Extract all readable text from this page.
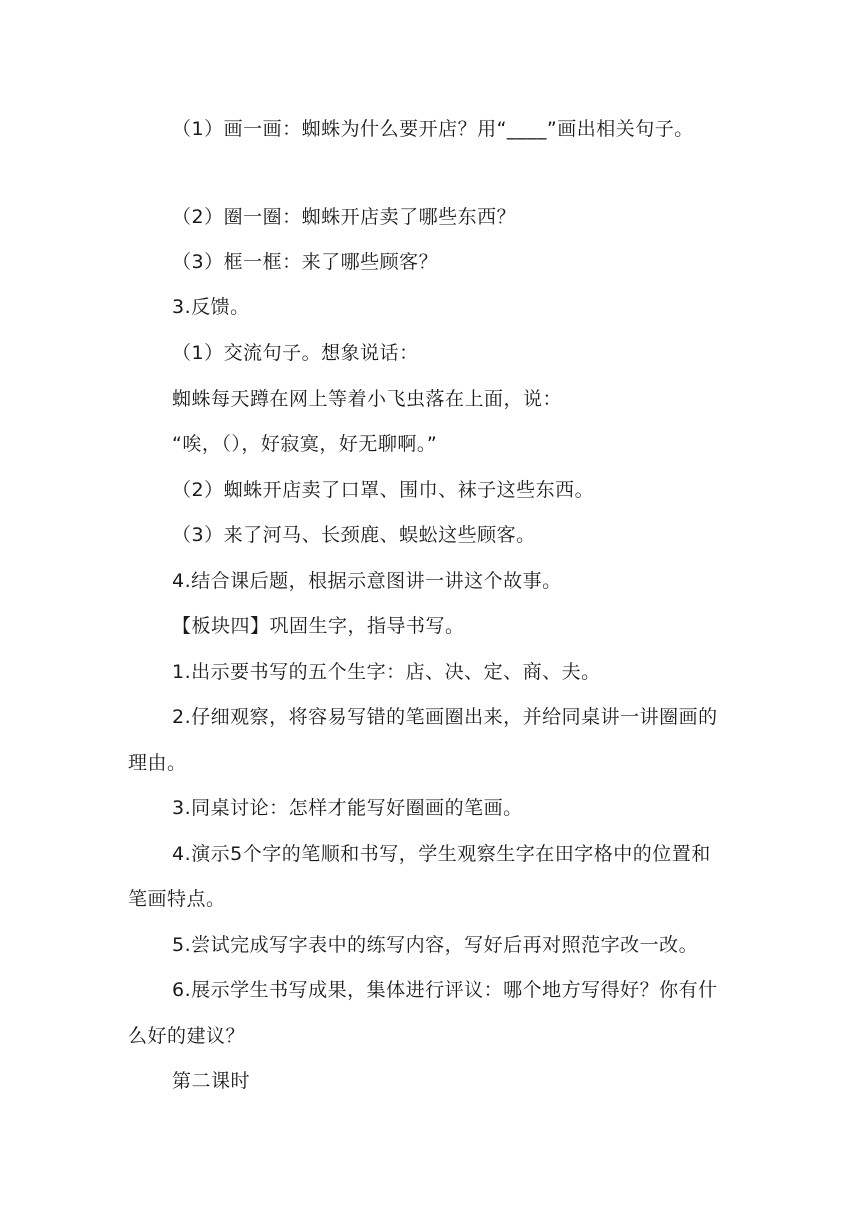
（1）画一画：蜘蛛为什么要开店？用“____”画出相关句子。
（2）圈一圈：蜘蛛开店卖了哪些东西？
（3）框一框：来了哪些顾客？
3.反馈。
（1）交流句子。想象说话：
蜘蛛每天蹲在网上等着小飞虫落在上面，说：
“唉，（），好寂寞，好无聊啊。”
（2）蜘蛛开店卖了口罩、围巾、袜子这些东西。
（3）来了河马、长颈鹿、蜈蚣这些顾客。
4.结合课后题，根据示意图讲一讲这个故事。
【板块四】巩固生字，指导书写。
1.出示要书写的五个生字：店、决、定、商、夫。
2.仔细观察，将容易写错的笔画圈出来，并给同桌讲一讲圈画的
理由。
3.同桌讨论：怎样才能写好圈画的笔画。
4.演示5个字的笔顺和书写，学生观察生字在田字格中的位置和
笔画特点。
5.尝试完成写字表中的练写内容，写好后再对照范字改一改。
6.展示学生书写成果，集体进行评议：哪个地方写得好？你有什
么好的建议？
第二课时
